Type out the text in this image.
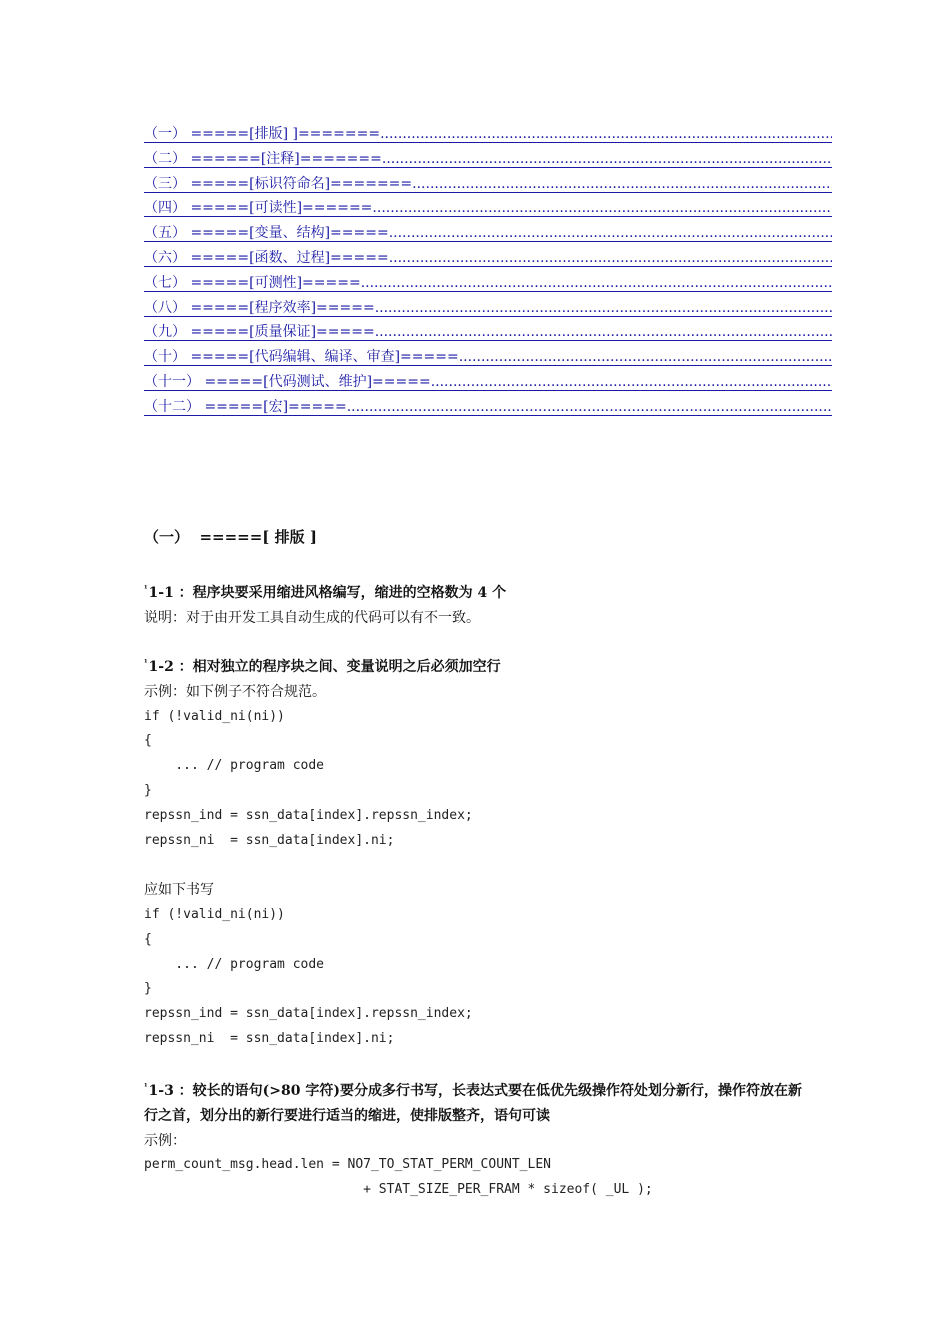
（一） =====[排版] ]=======
.....
（二） ======[注释]=======
.....
（三） =====[标识符命名]=======
.....
（四） =====[可读性]======
.....
（五） =====[变量、结构]=====
.....
（六） =====[函数、过程]=====
.....
（七） =====[可测性]=====
.....
（八） =====[程序效率]=====
.....
（九） =====[质量保证]=====
.....
（十） =====[代码编辑、编译、审查]=====
.....
（十一） =====[代码测试、维护]=====
.....
（十二） =====[宏]=====
.....
（一）  =====[ 排版 ]
$^{^1}$1-1 ：程序块要采用缩进风格编写，缩进的空格数为 4 个
说明：对于由开发工具自动生成的代码可以有不一致。
$^{^1}$1-2 ：相对独立的程序块之间、变量说明之后必须加空行
示例：如下例子不符合规范。
if (!valid_ni(ni))
{
... // program code
}
repssn_ind = ssn_data[index].repssn_index;
repssn_ni  = ssn_data[index].ni;
应如下书写
if (!valid_ni(ni))
{
... // program code
}
repssn_ind = ssn_data[index].repssn_index;
repssn_ni  = ssn_data[index].ni;
$^{^1}$1-3 ：较长的语句(>80 字符)要分成多行书写，长表达式要在低优先级操作符处划分新行，操作符放在新行之首，划分出的新行要进行适当的缩进，使排版整齐，语句可读
示例：
perm_count_msg.head.len = NO7_TO_STAT_PERM_COUNT_LEN
+ STAT_SIZE_PER_FRAM * sizeof( _UL );
